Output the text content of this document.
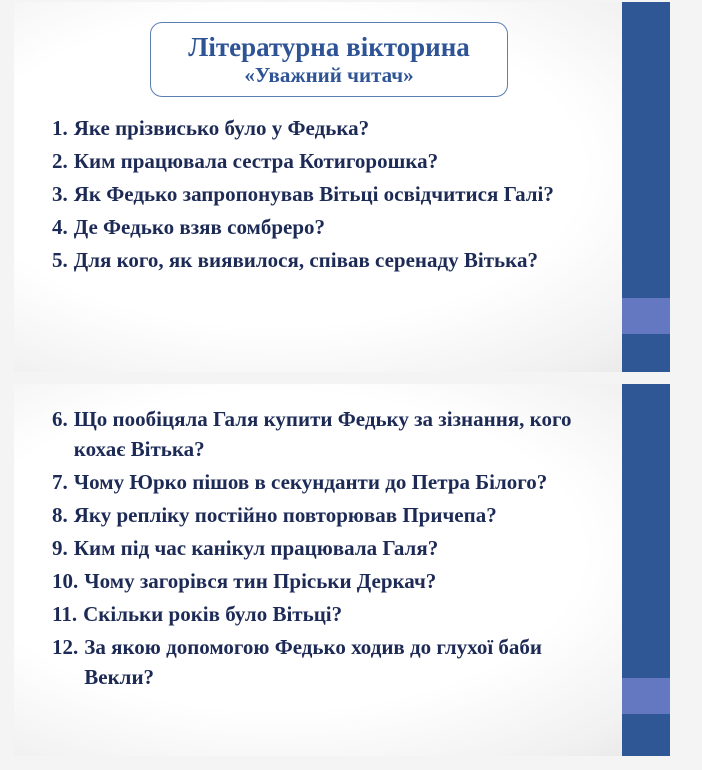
Літературна вікторина
«Уважний читач»
1. Яке прізвисько було у Федька?
2. Ким працювала сестра Котигорошка?
3. Як Федько запропонував Вітьці освідчитися Галі?
4. Де Федько взяв сомбреро?
5. Для кого, як виявилося, співав серенаду Вітька?
6. Що пообіцяла Галя купити Федьку за зізнання, кого кохає Вітька?
7. Чому Юрко пішов в секунданти до Петра Білого?
8. Яку репліку постійно повторював Причепа?
9. Ким під час канікул працювала Галя?
10. Чому загорівся тин Пріськи Деркач?
11. Скільки років було Вітьці?
12. За якою допомогою Федько ходив до глухої баби Векли?
